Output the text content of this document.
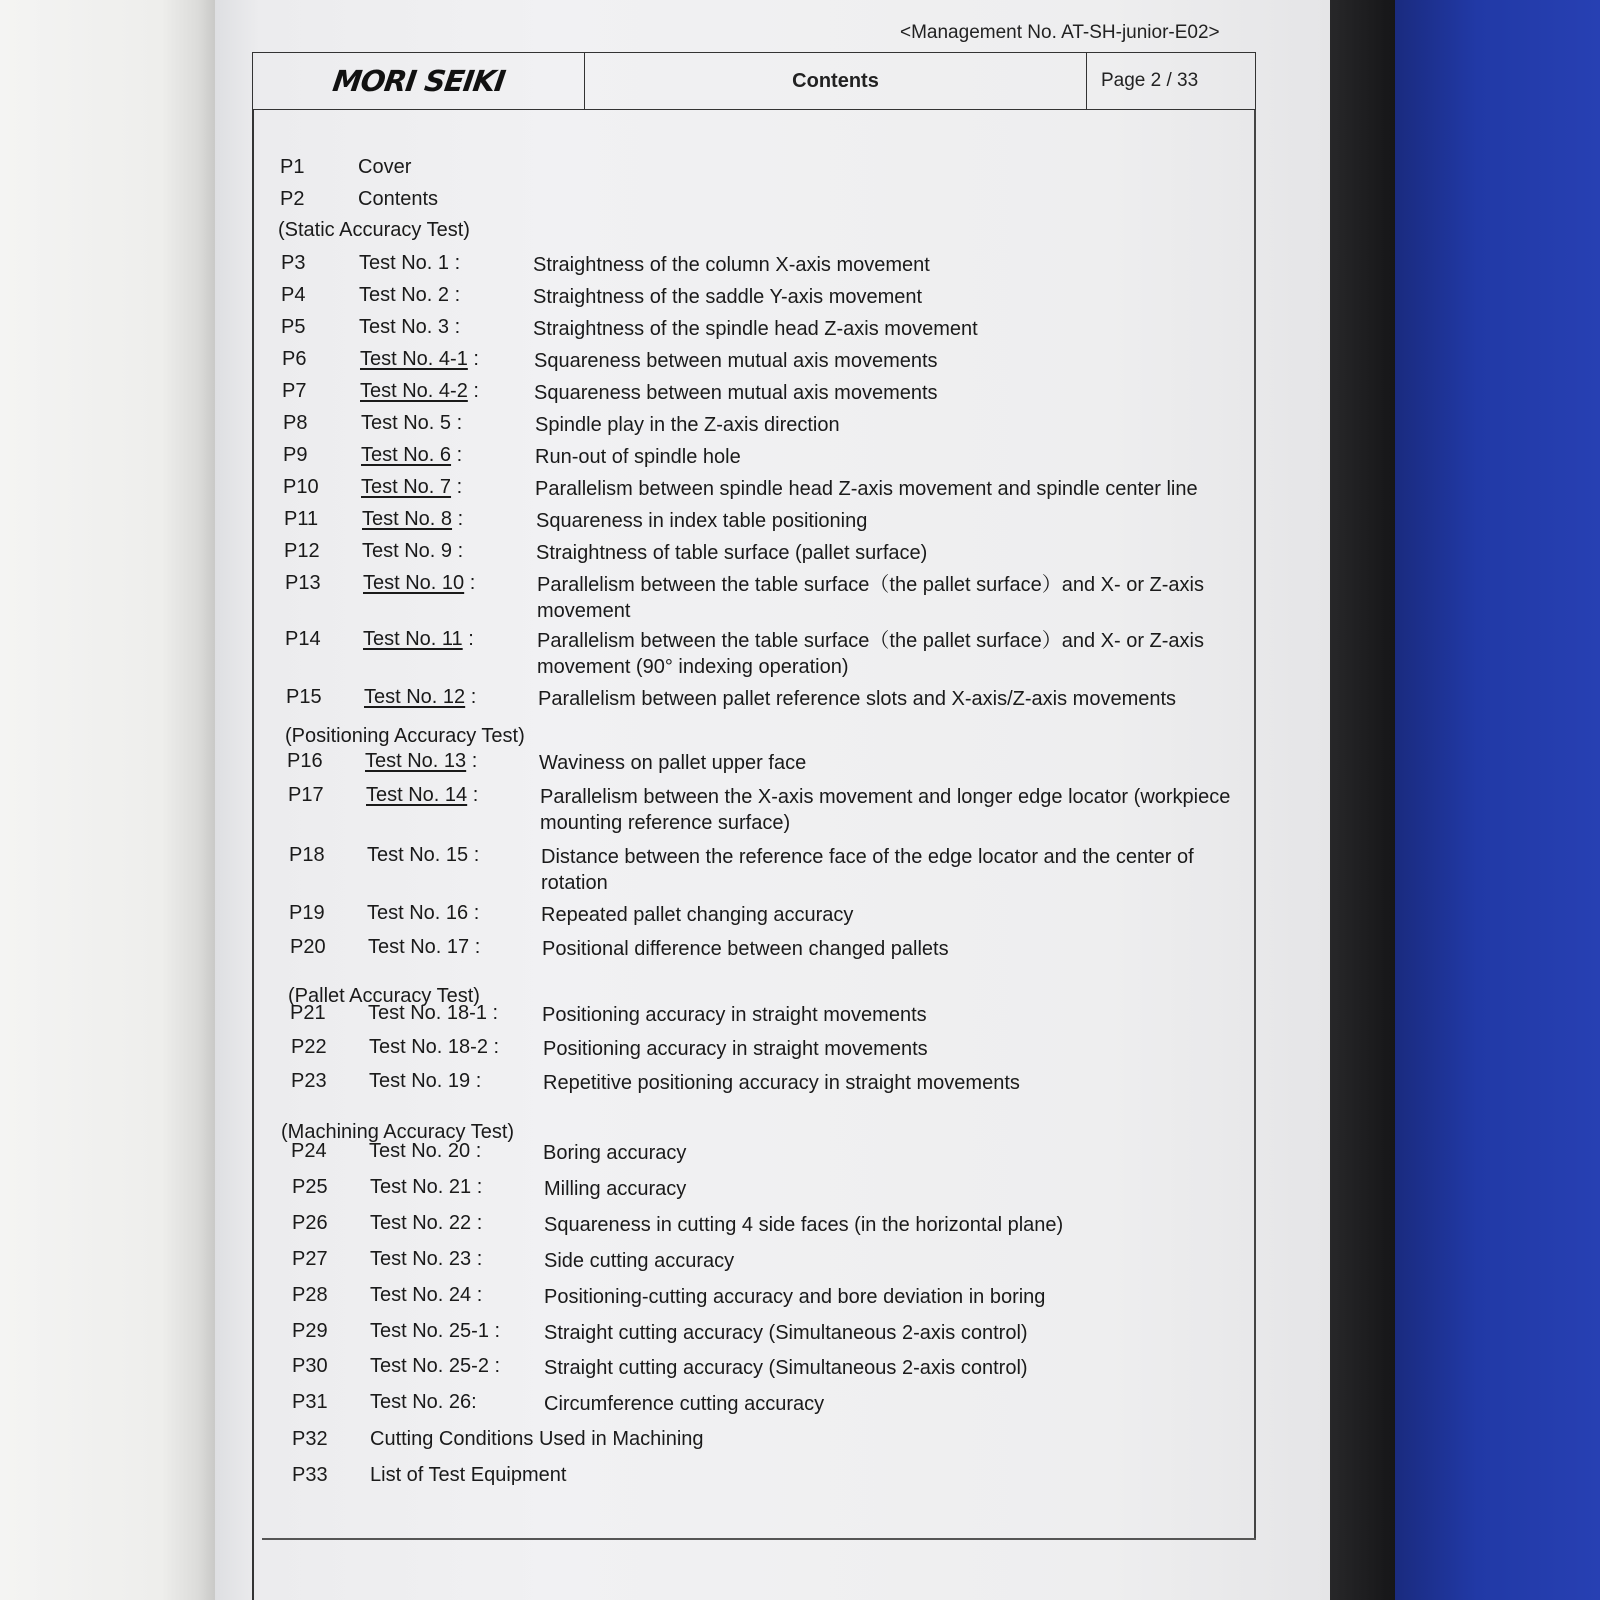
<Management No. AT-SH-junior-E02>
MORI SEIKI	Contents	Page 2 / 33
(Static Accuracy Test)
(Positioning Accuracy Test)
(Pallet Accuracy Test)
(Machining Accuracy Test)
P1	Cover
P2	Contents
P3	Test No. 1 :	Straightness of the column X-axis movement
P4	Test No. 2 :	Straightness of the saddle Y-axis movement
P5	Test No. 3 :	Straightness of the spindle head Z-axis movement
P6	Test No. 4-1 :	Squareness between mutual axis movements
P7	Test No. 4-2 :	Squareness between mutual axis movements
P8	Test No. 5 :	Spindle play in the Z-axis direction
P9	Test No. 6 :	Run-out of spindle hole
P10 Test No. 7 :	Parallelism between spindle head Z-axis movement and spindle center line
P11 Test No. 8 :	Squareness in index table positioning
P12 Test No. 9 :	Straightness of table surface (pallet surface)
P13 Test No. 10 :	Parallelism between the table surface（the pallet surface）and X- or Z-axis
movement
P14 Test No. 11 :	Parallelism between the table surface（the pallet surface）and X- or Z-axis
movement (90° indexing operation)
P15 Test No. 12 :	Parallelism between pallet reference slots and X-axis/Z-axis movements
P16 Test No. 13 :	Waviness on pallet upper face
P17 Test No. 14 :	Parallelism between the X-axis movement and longer edge locator (workpiece
mounting reference surface)
P18 Test No. 15 :	Distance between the reference face of the edge locator and the center of
rotation
P19 Test No. 16 :	Repeated pallet changing accuracy
P20 Test No. 17 :	Positional difference between changed pallets
P21 Test No. 18-1 : Positioning accuracy in straight movements
P22 Test No. 18-2 : Positioning accuracy in straight movements
P23 Test No. 19 :	Repetitive positioning accuracy in straight movements
P24 Test No. 20 :	Boring accuracy
P25 Test No. 21 :	Milling accuracy
P26 Test No. 22 :	Squareness in cutting 4 side faces (in the horizontal plane)
P27 Test No. 23 :	Side cutting accuracy
P28 Test No. 24 :	Positioning-cutting accuracy and bore deviation in boring
P29 Test No. 25-1 : Straight cutting accuracy (Simultaneous 2-axis control)
P30 Test No. 25-2 : Straight cutting accuracy (Simultaneous 2-axis control)
P31 Test No. 26:	Circumference cutting accuracy
P32 Cutting Conditions Used in Machining
P33 List of Test Equipment
